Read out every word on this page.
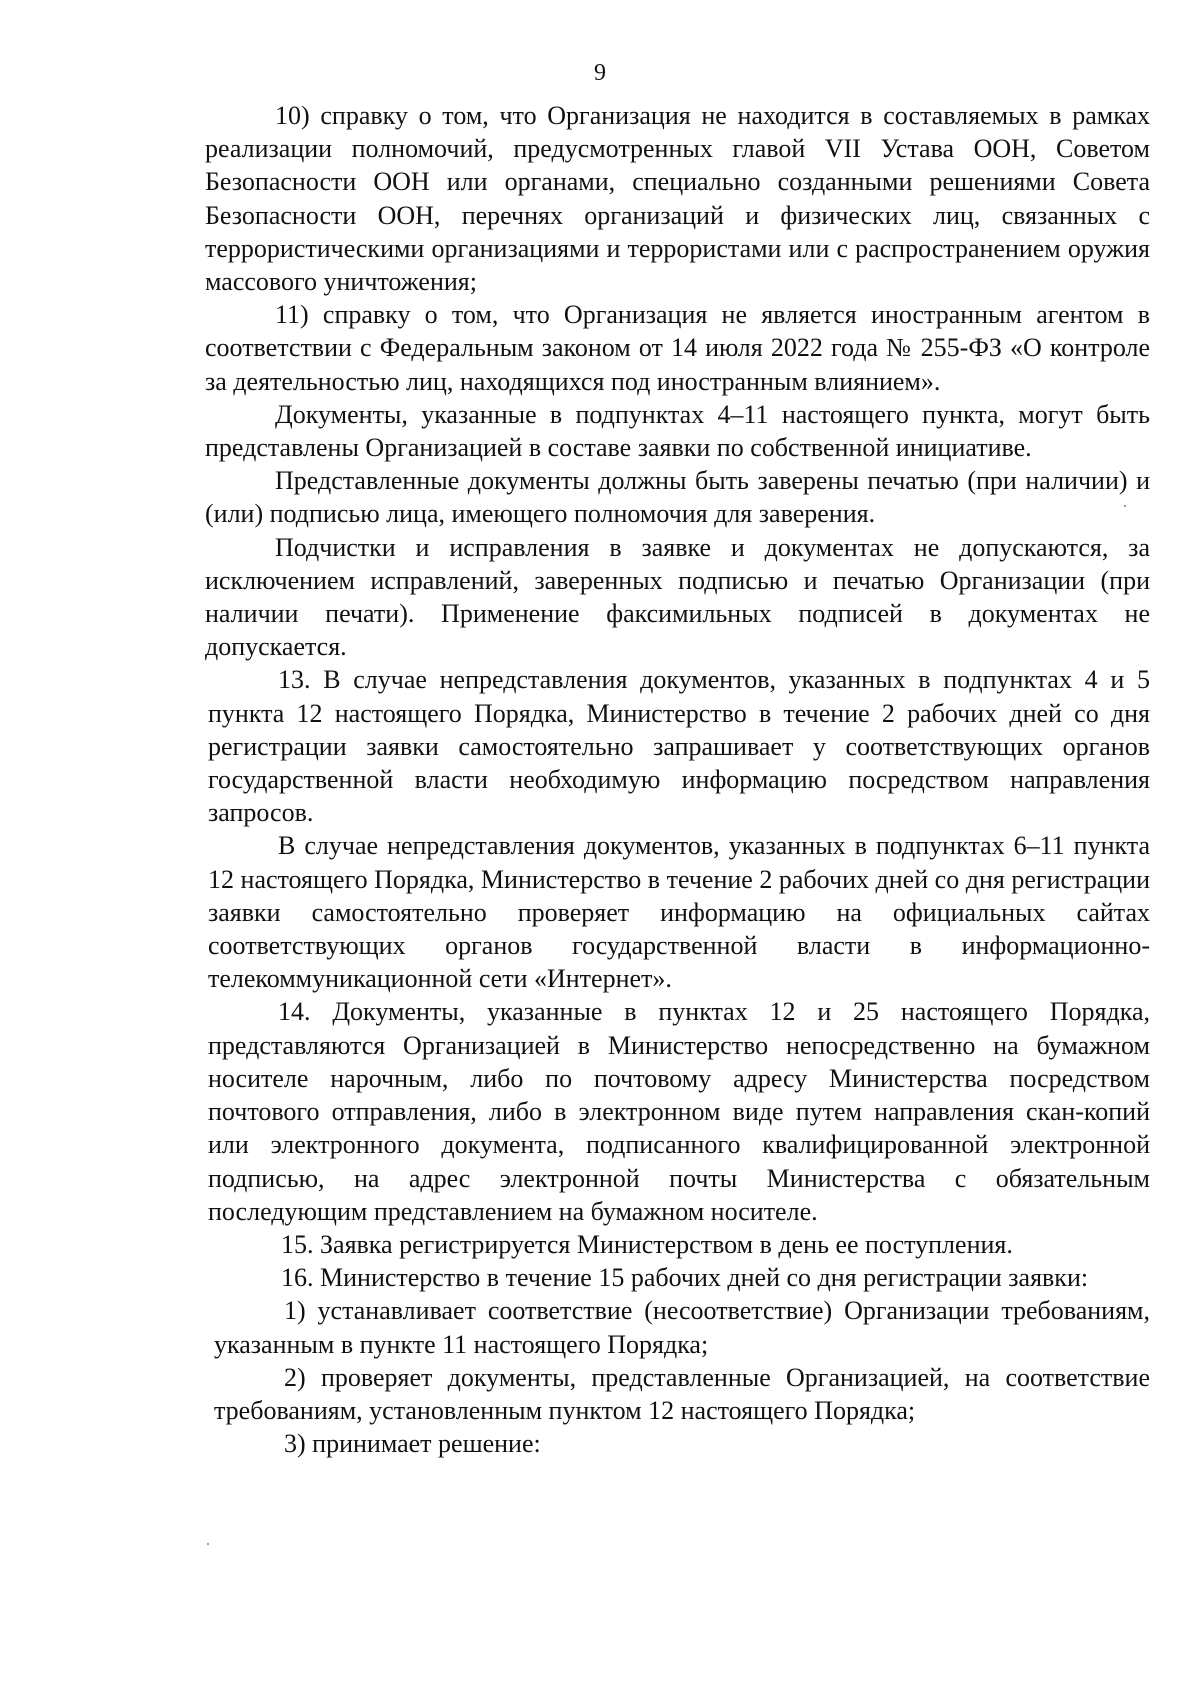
9

10) справку о том, что Организация не находится в составляемых в рамках реализации полномочий, предусмотренных главой VII Устава ООН, Советом Безопасности ООН или органами, специально созданными решениями Совета Безопасности ООН, перечнях организаций и физических лиц, связанных с террористическими организациями и террористами или с распространением оружия массового уничтожения;

11) справку о том, что Организация не является иностранным агентом в соответствии с Федеральным законом от 14 июля 2022 года № 255-ФЗ «О контроле за деятельностью лиц, находящихся под иностранным влиянием».

Документы, указанные в подпунктах 4–11 настоящего пункта, могут быть представлены Организацией в составе заявки по собственной инициативе.

Представленные документы должны быть заверены печатью (при наличии) и (или) подписью лица, имеющего полномочия для заверения.

Подчистки и исправления в заявке и документах не допускаются, за исключением исправлений, заверенных подписью и печатью Организации (при наличии печати). Применение факсимильных подписей в документах не допускается.

13. В случае непредставления документов, указанных в подпунктах 4 и 5 пункта 12 настоящего Порядка, Министерство в течение 2 рабочих дней со дня регистрации заявки самостоятельно запрашивает у соответствующих органов государственной власти необходимую информацию посредством направления запросов.

В случае непредставления документов, указанных в подпунктах 6–11 пункта 12 настоящего Порядка, Министерство в течение 2 рабочих дней со дня регистрации заявки самостоятельно проверяет информацию на официальных сайтах соответствующих органов государственной власти в информационно-телекоммуникационной сети «Интернет».

14. Документы, указанные в пунктах 12 и 25 настоящего Порядка, представляются Организацией в Министерство непосредственно на бумажном носителе нарочным, либо по почтовому адресу Министерства посредством почтового отправления, либо в электронном виде путем направления скан-копий или электронного документа, подписанного квалифицированной электронной подписью, на адрес электронной почты Министерства с обязательным последующим представлением на бумажном носителе.

15. Заявка регистрируется Министерством в день ее поступления.

16. Министерство в течение 15 рабочих дней со дня регистрации заявки:

1) устанавливает соответствие (несоответствие) Организации требованиям, указанным в пункте 11 настоящего Порядка;

2) проверяет документы, представленные Организацией, на соответствие требованиям, установленным пунктом 12 настоящего Порядка;

3) принимает решение:
